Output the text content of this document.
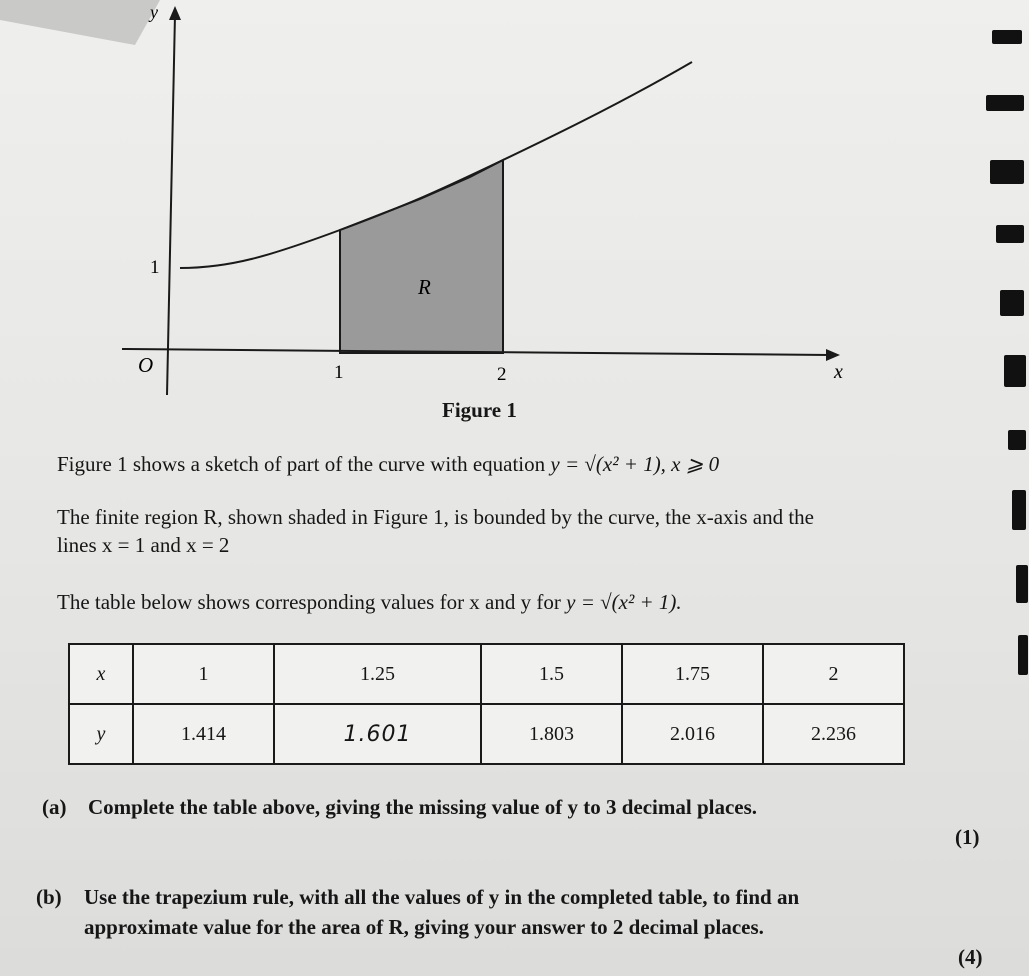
y
1
O	1	2	x
R
Figure 1
Figure 1 shows a sketch of part of the curve with equation y = √(x² + 1), x ⩾ 0
The finite region R, shown shaded in Figure 1, is bounded by the curve, the x-axis and the
lines x = 1 and x = 2
The table below shows corresponding values for x and y for y = √(x² + 1).
x	1	1.25	1.5	1.75	2
y	1.414	1.601	1.803	2.016	2.236
(a) Complete the table above, giving the missing value of y to 3 decimal places.
(1)
(b) Use the trapezium rule, with all the values of y in the completed table, to find an
approximate value for the area of R, giving your answer to 2 decimal places.
(4)
